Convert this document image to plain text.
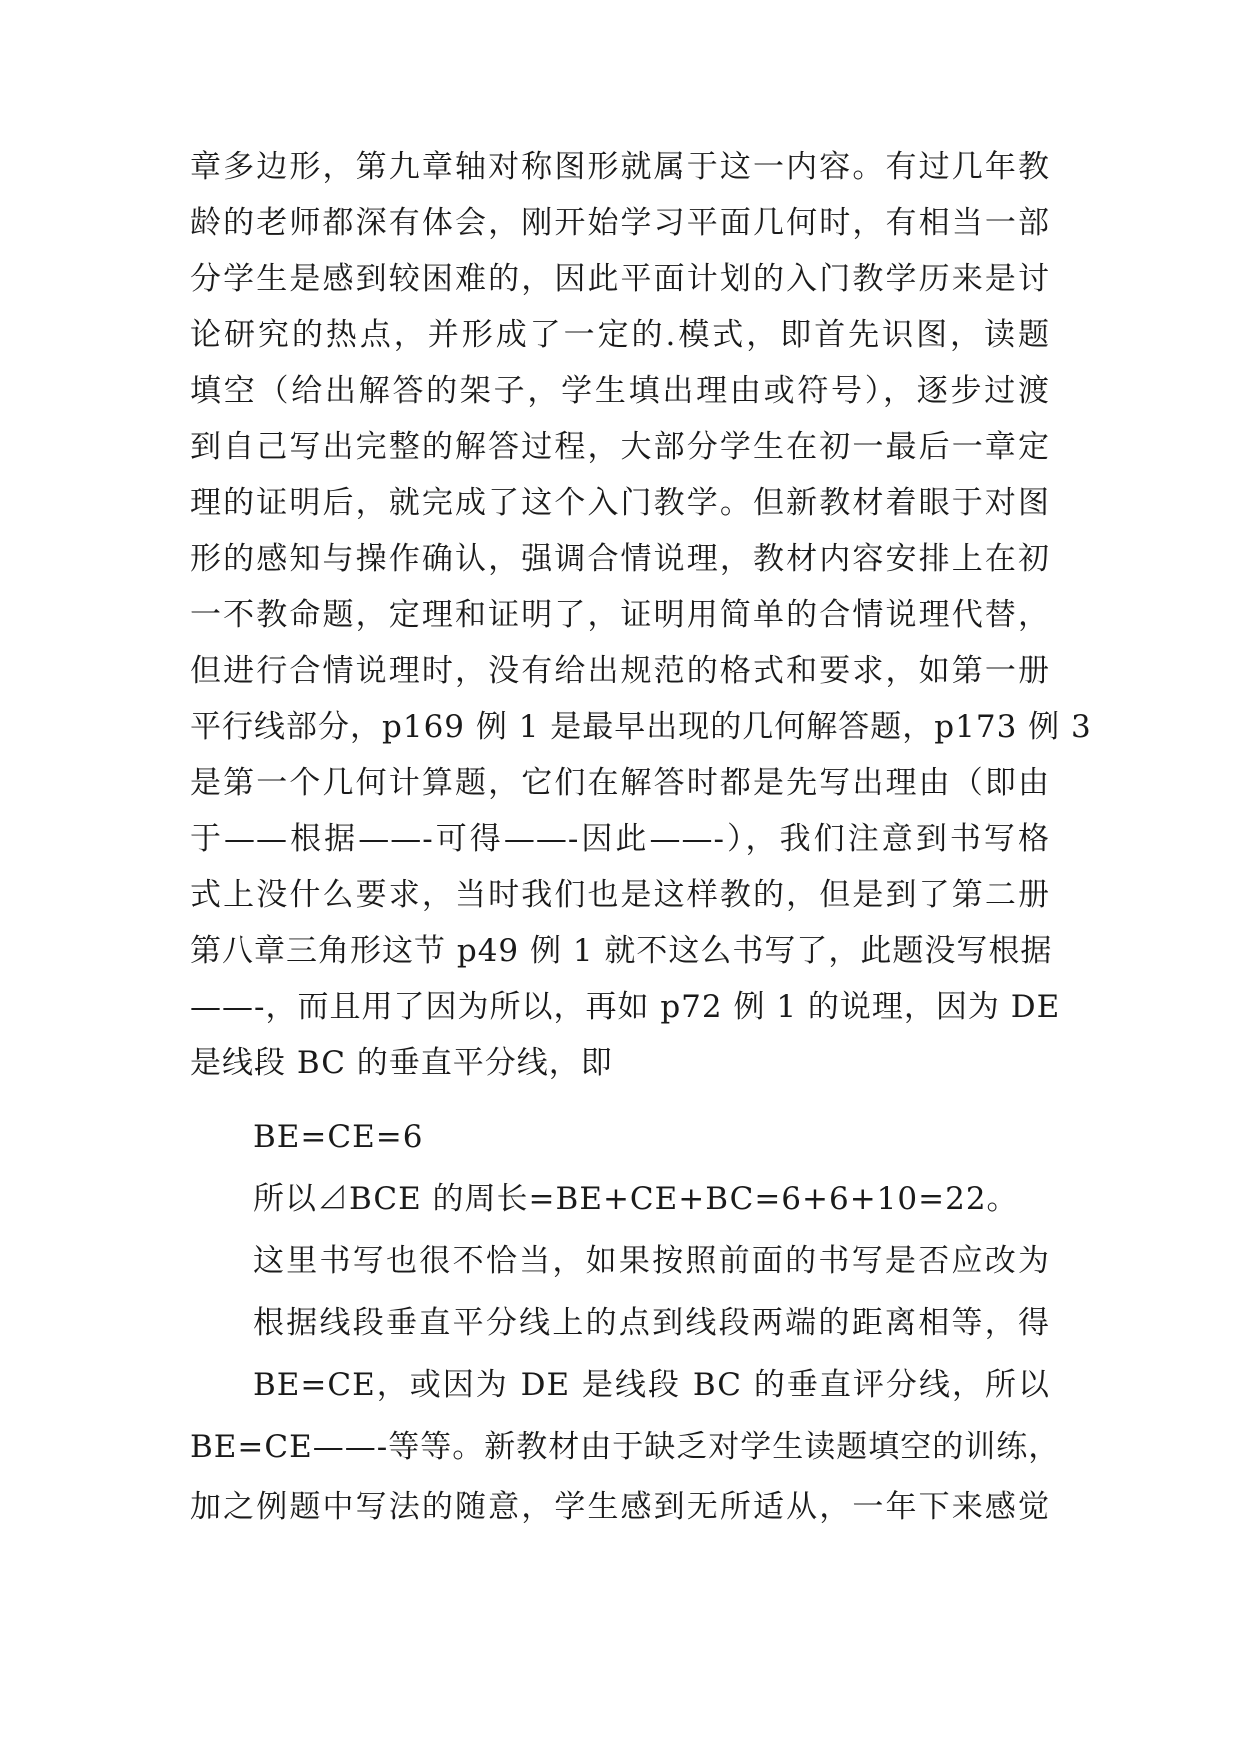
章多边形，第九章轴对称图形就属于这一内容。有过几年教
龄的老师都深有体会，刚开始学习平面几何时，有相当一部
分学生是感到较困难的，因此平面计划的入门教学历来是讨
论研究的热点，并形成了一定的.模式，即首先识图，读题
填空（给出解答的架子，学生填出理由或符号），逐步过渡
到自己写出完整的解答过程，大部分学生在初一最后一章定
理的证明后，就完成了这个入门教学。但新教材着眼于对图
形的感知与操作确认，强调合情说理，教材内容安排上在初
一不教命题，定理和证明了，证明用简单的合情说理代替，
但进行合情说理时，没有给出规范的格式和要求，如第一册
平行线部分，p169 例 1 是最早出现的几何解答题，p173 例 3
是第一个几何计算题，它们在解答时都是先写出理由（即由
于——根据——-可得——-因此——-），我们注意到书写格
式上没什么要求，当时我们也是这样教的，但是到了第二册
第八章三角形这节 p49 例 1 就不这么书写了，此题没写根据
——-，而且用了因为所以，再如 p72 例 1 的说理，因为 DE
是线段 BC 的垂直平分线，即
BE=CE=6
所以⊿BCE 的周长=BE+CE+BC=6+6+10=22。
这里书写也很不恰当，如果按照前面的书写是否应改为
根据线段垂直平分线上的点到线段两端的距离相等，得
BE=CE，或因为 DE 是线段 BC 的垂直评分线，所以
BE=CE——-等等。新教材由于缺乏对学生读题填空的训练，
加之例题中写法的随意，学生感到无所适从，一年下来感觉
